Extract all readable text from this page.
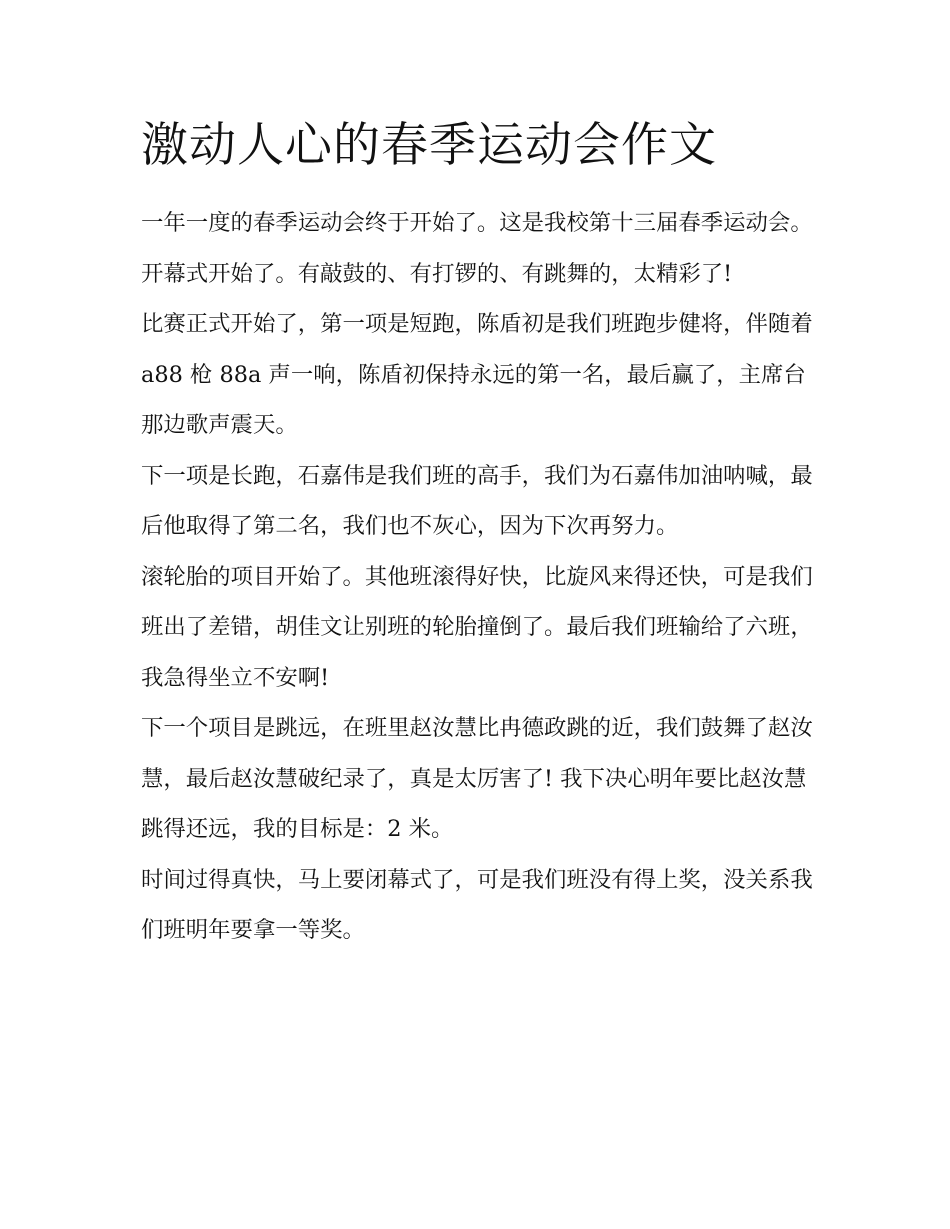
激动人心的春季运动会作文

一年一度的春季运动会终于开始了。这是我校第十三届春季运动会。 开幕式开始了。有敲鼓的、有打锣的、有跳舞的，太精彩了!

比赛正式开始了，第一项是短跑，陈盾初是我们班跑步健将，伴随着 a88 枪 88a 声一响，陈盾初保持永远的第一名，最后赢了，主席台那边歌声震天。

下一项是长跑，石嘉伟是我们班的高手，我们为石嘉伟加油呐喊，最后他取得了第二名，我们也不灰心，因为下次再努力。

滚轮胎的项目开始了。其他班滚得好快，比旋风来得还快，可是我们班出了差错，胡佳文让别班的轮胎撞倒了。最后我们班输给了六班，我急得坐立不安啊!

下一个项目是跳远，在班里赵汝慧比冉德政跳的近，我们鼓舞了赵汝慧，最后赵汝慧破纪录了，真是太厉害了! 我下决心明年要比赵汝慧跳得还远，我的目标是：2 米。

时间过得真快，马上要闭幕式了，可是我们班没有得上奖，没关系我们班明年要拿一等奖。
